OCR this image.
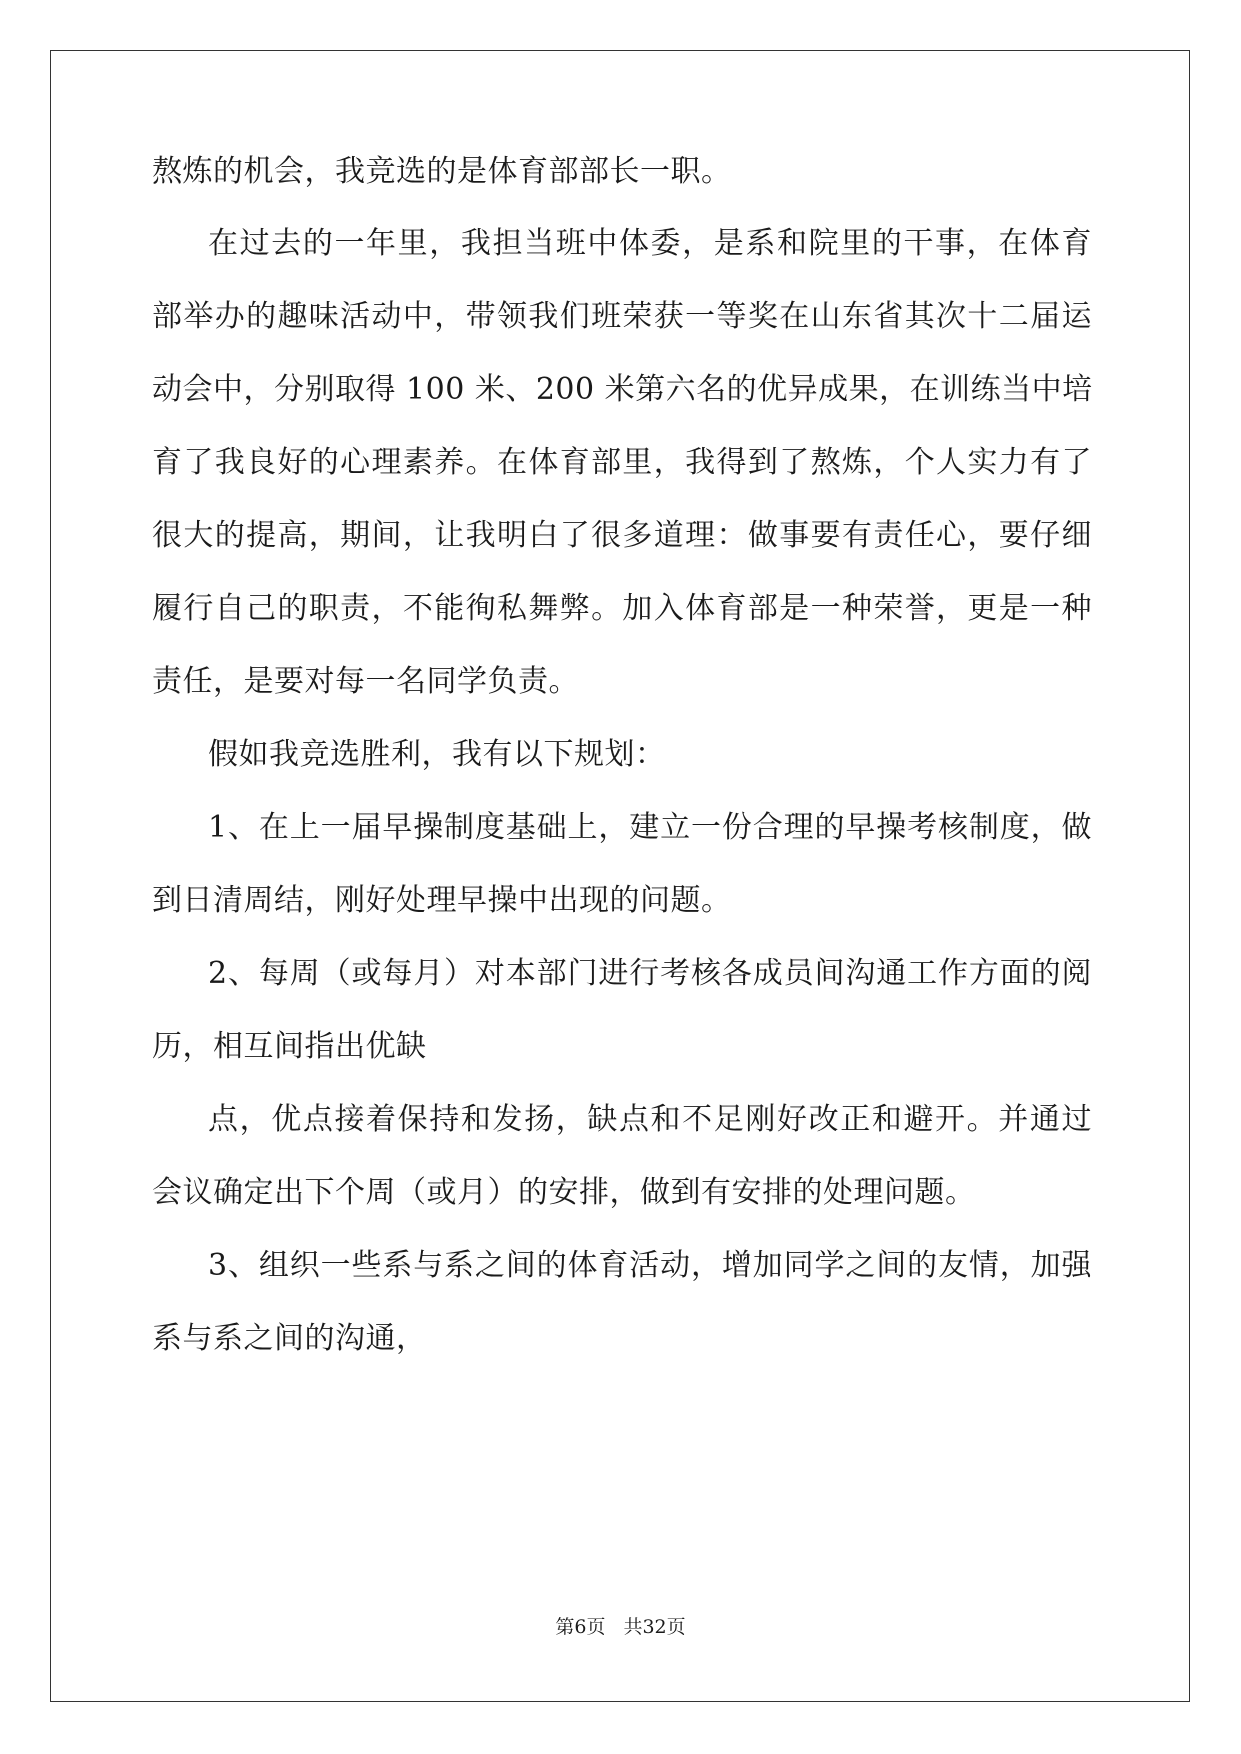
熬炼的机会，我竞选的是体育部部长一职。
在过去的一年里，我担当班中体委，是系和院里的干事，在体育
部举办的趣味活动中，带领我们班荣获一等奖在山东省其次十二届运
动会中，分别取得 100 米、200 米第六名的优异成果，在训练当中培
育了我良好的心理素养。在体育部里，我得到了熬炼，个人实力有了
很大的提高，期间，让我明白了很多道理：做事要有责任心，要仔细
履行自己的职责，不能徇私舞弊。加入体育部是一种荣誉，更是一种
责任，是要对每一名同学负责。
假如我竞选胜利，我有以下规划：
1、在上一届早操制度基础上，建立一份合理的早操考核制度，做
到日清周结，刚好处理早操中出现的问题。
2、每周（或每月）对本部门进行考核各成员间沟通工作方面的阅
历，相互间指出优缺
点，优点接着保持和发扬，缺点和不足刚好改正和避开。并通过
会议确定出下个周（或月）的安排，做到有安排的处理问题。
3、组织一些系与系之间的体育活动，增加同学之间的友情，加强
系与系之间的沟通，
第6页 共32页
